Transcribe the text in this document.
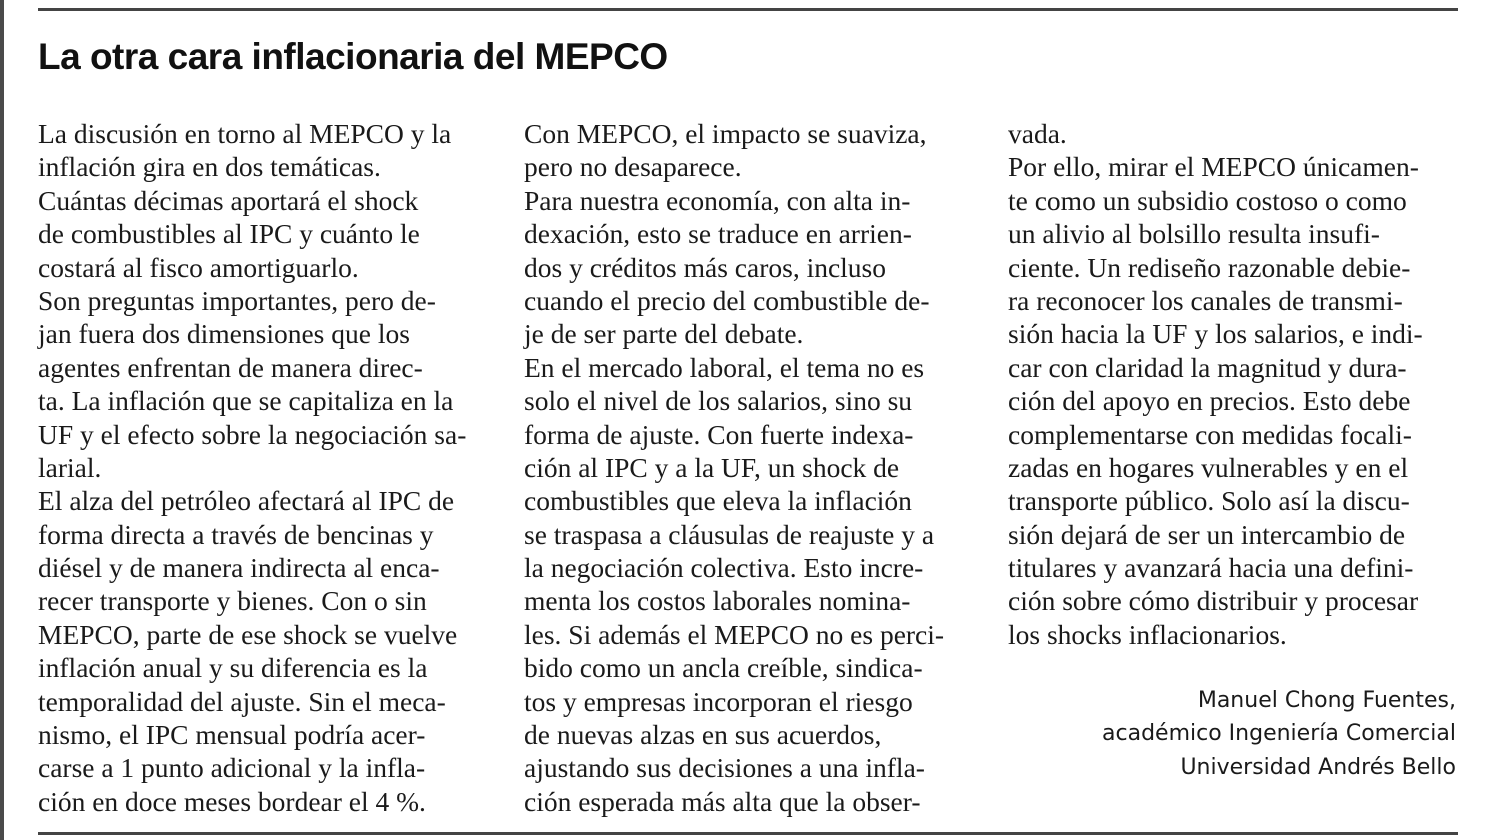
La otra cara inflacionaria del MEPCO
La discusión en torno al MEPCO y la
inflación gira en dos temáticas.
Cuántas décimas aportará el shock
de combustibles al IPC y cuánto le
costará al fisco amortiguarlo.
Son preguntas importantes, pero de-
jan fuera dos dimensiones que los
agentes enfrentan de manera direc-
ta. La inflación que se capitaliza en la
UF y el efecto sobre la negociación sa-
larial.
El alza del petróleo afectará al IPC de
forma directa a través de bencinas y
diésel y de manera indirecta al enca-
recer transporte y bienes. Con o sin
MEPCO, parte de ese shock se vuelve
inflación anual y su diferencia es la
temporalidad del ajuste. Sin el meca-
nismo, el IPC mensual podría acer-
carse a 1 punto adicional y la infla-
ción en doce meses bordear el 4 %.
Con MEPCO, el impacto se suaviza,
pero no desaparece.
Para nuestra economía, con alta in-
dexación, esto se traduce en arrien-
dos y créditos más caros, incluso
cuando el precio del combustible de-
je de ser parte del debate.
En el mercado laboral, el tema no es
solo el nivel de los salarios, sino su
forma de ajuste. Con fuerte indexa-
ción al IPC y a la UF, un shock de
combustibles que eleva la inflación
se traspasa a cláusulas de reajuste y a
la negociación colectiva. Esto incre-
menta los costos laborales nomina-
les. Si además el MEPCO no es perci-
bido como un ancla creíble, sindica-
tos y empresas incorporan el riesgo
de nuevas alzas en sus acuerdos,
ajustando sus decisiones a una infla-
ción esperada más alta que la obser-
vada.
Por ello, mirar el MEPCO únicamen-
te como un subsidio costoso o como
un alivio al bolsillo resulta insufi-
ciente. Un rediseño razonable debie-
ra reconocer los canales de transmi-
sión hacia la UF y los salarios, e indi-
car con claridad la magnitud y dura-
ción del apoyo en precios. Esto debe
complementarse con medidas focali-
zadas en hogares vulnerables y en el
transporte público. Solo así la discu-
sión dejará de ser un intercambio de
titulares y avanzará hacia una defini-
ción sobre cómo distribuir y procesar
los shocks inflacionarios.
Manuel Chong Fuentes,
académico Ingeniería Comercial
Universidad Andrés Bello
